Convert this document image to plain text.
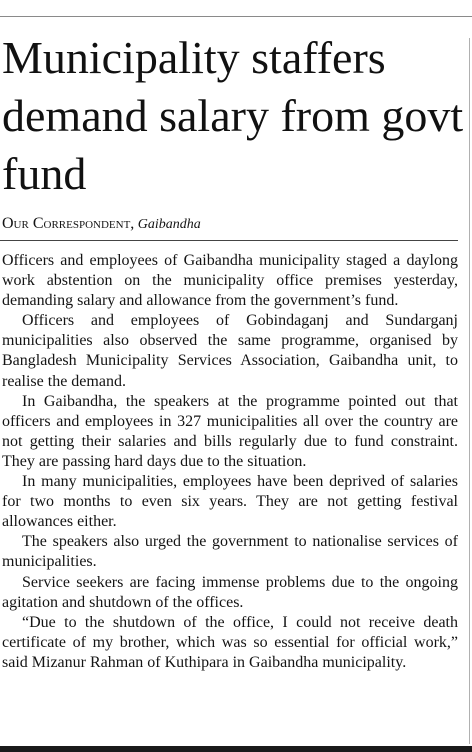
Municipality staffers demand salary from govt fund
Our Correspondent, Gaibandha

Officers and employees of Gaibandha municipality staged a daylong work abstention on the municipality office premises yesterday, demanding salary and allowance from the government’s fund.

Officers and employees of Gobindaganj and Sundarganj municipalities also observed the same programme, organised by Bangladesh Municipality Services Association, Gaibandha unit, to realise the demand.

In Gaibandha, the speakers at the programme pointed out that officers and employees in 327 municipalities all over the country are not getting their salaries and bills regularly due to fund constraint. They are passing hard days due to the situation.

In many municipalities, employees have been deprived of salaries for two months to even six years. They are not getting festival allowances either.

The speakers also urged the government to nationalise services of municipalities.

Service seekers are facing immense problems due to the ongoing agitation and shutdown of the offices.

“Due to the shutdown of the office, I could not receive death certificate of my brother, which was so essential for official work,” said Mizanur Rahman of Kuthipara in Gaibandha municipality.
